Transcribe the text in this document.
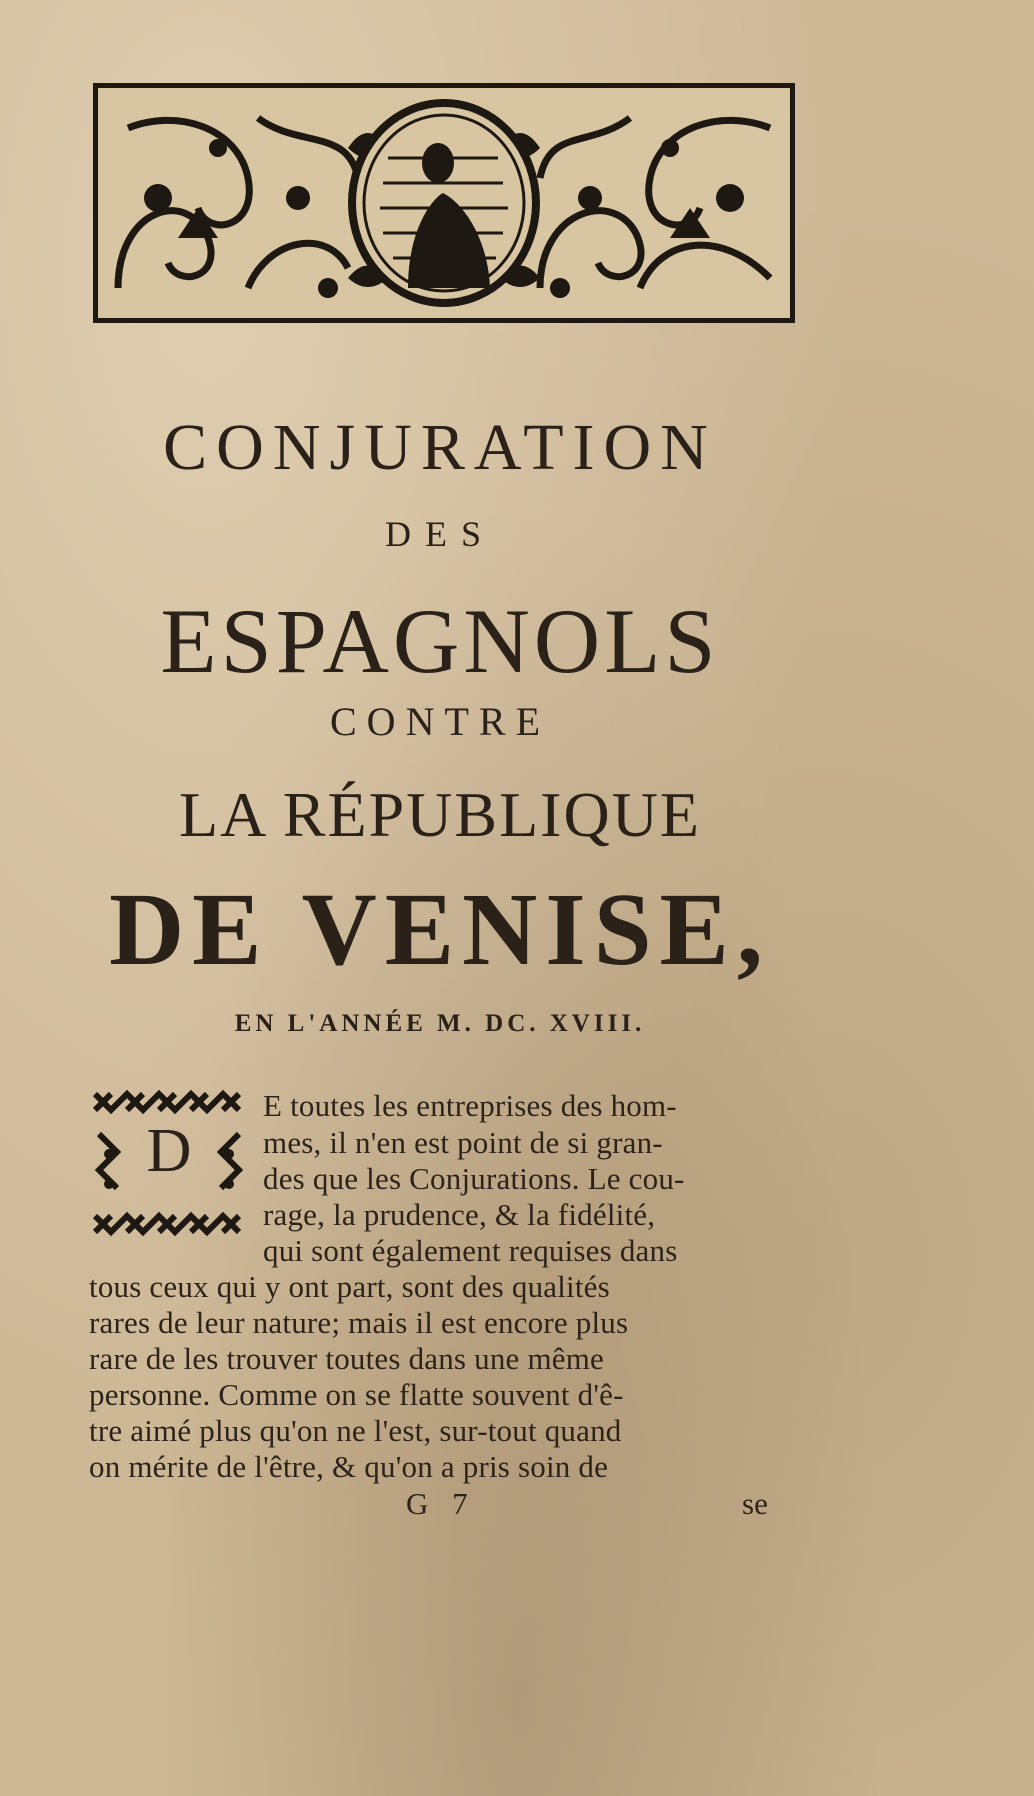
CONJURATION
DES
ESPAGNOLS
CONTRE
LA RÉPUBLIQUE
DE VENISE,
EN L'ANNÉE M. DC. XVIII.
D
E toutes les entreprises des hom-
mes, il n'en est point de si gran-
des que les Conjurations. Le cou-
rage, la prudence, & la fidélité,
qui sont également requises dans
tous ceux qui y ont part, sont des qualités
rares de leur nature; mais il est encore plus
rare de les trouver toutes dans une même
personne. Comme on se flatte souvent d'ê-
tre aimé plus qu'on ne l'est, sur-tout quand
on mérite de l'être, & qu'on a pris soin de
G 7	se
